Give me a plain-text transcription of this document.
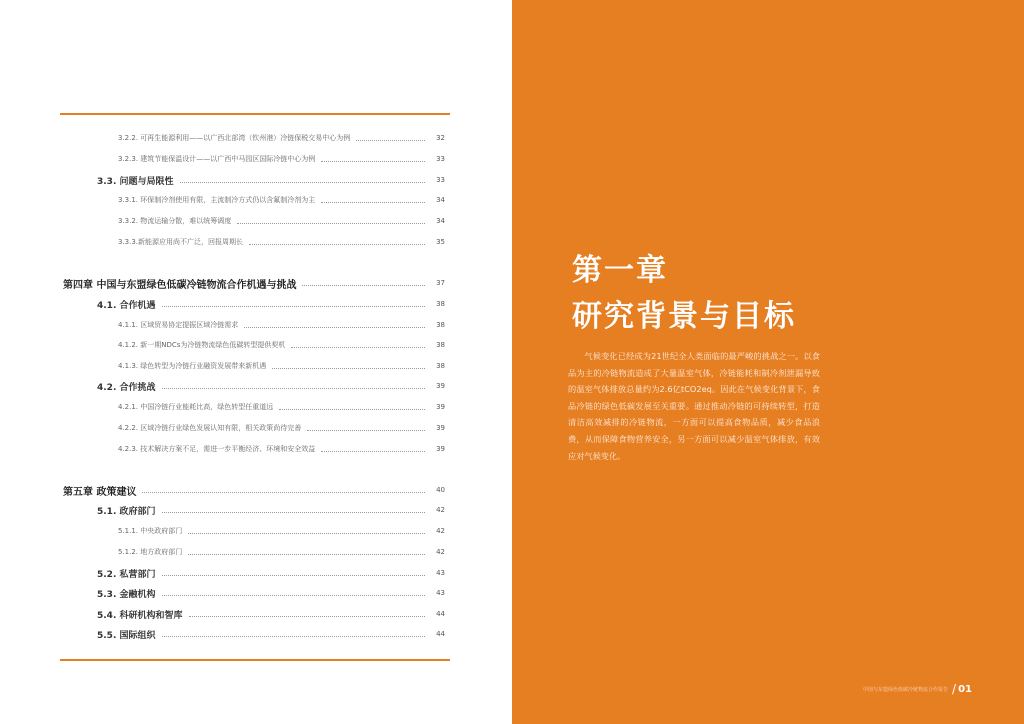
3.2.2. 可再生能源利用——以广西北部湾（钦州港）冷链保税交易中心为例	32
3.2.3. 建筑节能保温设计——以广西中马园区国际冷链中心为例	33
3.3. 问题与局限性	33
3.3.1. 环保制冷剂使用有限，主流制冷方式仍以含氟制冷剂为主	34
3.3.2. 物流运输分散，难以统筹调度	34
3.3.3.新能源应用尚不广泛，回报周期长	35
第四章 中国与东盟绿色低碳冷链物流合作机遇与挑战	37
4.1. 合作机遇	38
4.1.1. 区域贸易协定提振区域冷链需求	38
4.1.2. 新一期NDCs为冷链物流绿色低碳转型提供契机	38
4.1.3. 绿色转型为冷链行业融资发展带来新机遇	38
4.2. 合作挑战	39
4.2.1. 中国冷链行业能耗比高，绿色转型任重道远	39
4.2.2. 区域冷链行业绿色发展认知有限，相关政策尚待完善	39
4.2.3. 技术解决方案不足，需进一步平衡经济、环境和安全效益	39
第五章 政策建议	40
5.1. 政府部门	42
5.1.1. 中央政府部门	42
5.1.2. 地方政府部门	42
5.2. 私营部门	43
5.3. 金融机构	43
5.4. 科研机构和智库	44
5.5. 国际组织	44
第一章
研究背景与目标

气候变化已经成为21世纪全人类面临的最严峻的挑战之一。以食品为主的冷链物流造成了大量温室气体，冷链能耗和制冷剂泄漏导致的温室气体排放总量约为2.6亿tCO2eq。因此在气候变化背景下，食品冷链的绿色低碳发展至关重要。通过推动冷链的可持续转型，打造清洁高效减排的冷链物流，一方面可以提高食物品质，减少食品浪费，从而保障食物营养安全，另一方面可以减少温室气体排放，有效应对气候变化。

中国与东盟绿色低碳冷链物流合作报告 / 01
